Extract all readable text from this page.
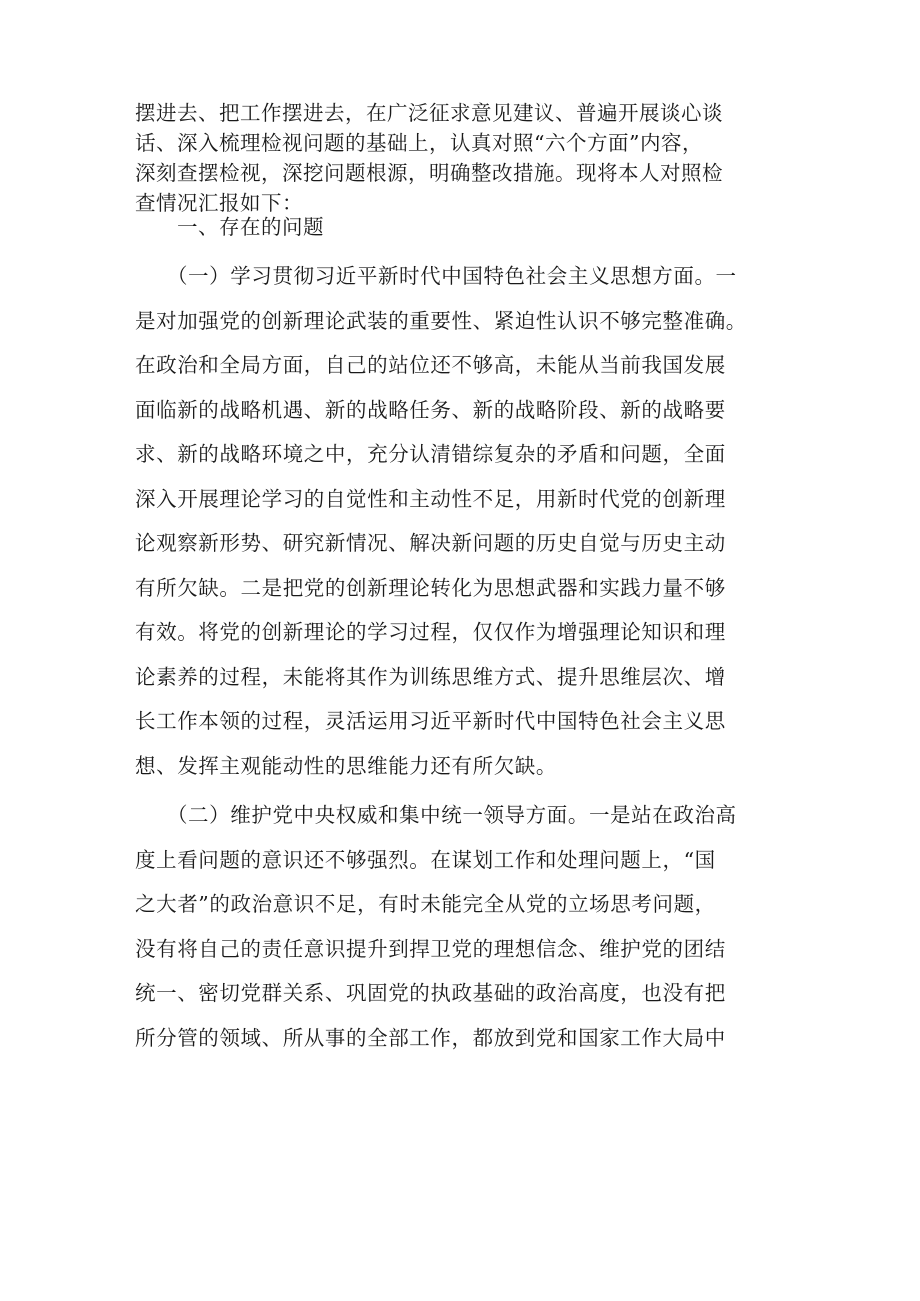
摆进去、把工作摆进去，在广泛征求意见建议、普遍开展谈心谈
话、深入梳理检视问题的基础上，认真对照“六个方面”内容，
深刻查摆检视，深挖问题根源，明确整改措施。现将本人对照检
查情况汇报如下：

　　一、存在的问题

　　（一）学习贯彻习近平新时代中国特色社会主义思想方面。一
是对加强党的创新理论武装的重要性、紧迫性认识不够完整准确。
在政治和全局方面，自己的站位还不够高，未能从当前我国发展
面临新的战略机遇、新的战略任务、新的战略阶段、新的战略要
求、新的战略环境之中，充分认清错综复杂的矛盾和问题，全面
深入开展理论学习的自觉性和主动性不足，用新时代党的创新理
论观察新形势、研究新情况、解决新问题的历史自觉与历史主动
有所欠缺。二是把党的创新理论转化为思想武器和实践力量不够
有效。将党的创新理论的学习过程，仅仅作为增强理论知识和理
论素养的过程，未能将其作为训练思维方式、提升思维层次、增
长工作本领的过程，灵活运用习近平新时代中国特色社会主义思
想、发挥主观能动性的思维能力还有所欠缺。

　　（二）维护党中央权威和集中统一领导方面。一是站在政治高
度上看问题的意识还不够强烈。在谋划工作和处理问题上，“国
之大者”的政治意识不足，有时未能完全从党的立场思考问题，
没有将自己的责任意识提升到捍卫党的理想信念、维护党的团结
统一、密切党群关系、巩固党的执政基础的政治高度，也没有把
所分管的领域、所从事的全部工作，都放到党和国家工作大局中
